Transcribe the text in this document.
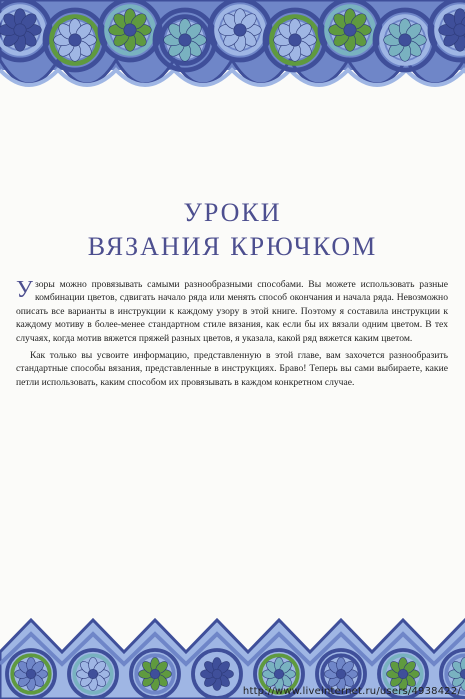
УРОКИ
ВЯЗАНИЯ КРЮЧКОМ

Узоры можно провязывать самыми разнообразными способами. Вы можете использовать разные комбинации цветов, сдвигать начало ряда или менять способ окончания и начала ряда. Невозможно описать все варианты в инструкции к каждому узору в этой книге. Поэтому я составила инструкции к каждому мотиву в более-менее стандартном стиле вязания, как если бы их вязали одним цветом. В тех случаях, когда мотив вяжется пряжей разных цветов, я указала, какой ряд вяжется каким цветом.

Как только вы усвоите информацию, представленную в этой главе, вам захочется разнообразить стандартные способы вязания, представленные в инструкциях. Браво! Теперь вы сами выбираете, какие петли использовать, каким способом их провязывать в каждом конкретном случае.

http://www.liveinternet.ru/users/4938422/
